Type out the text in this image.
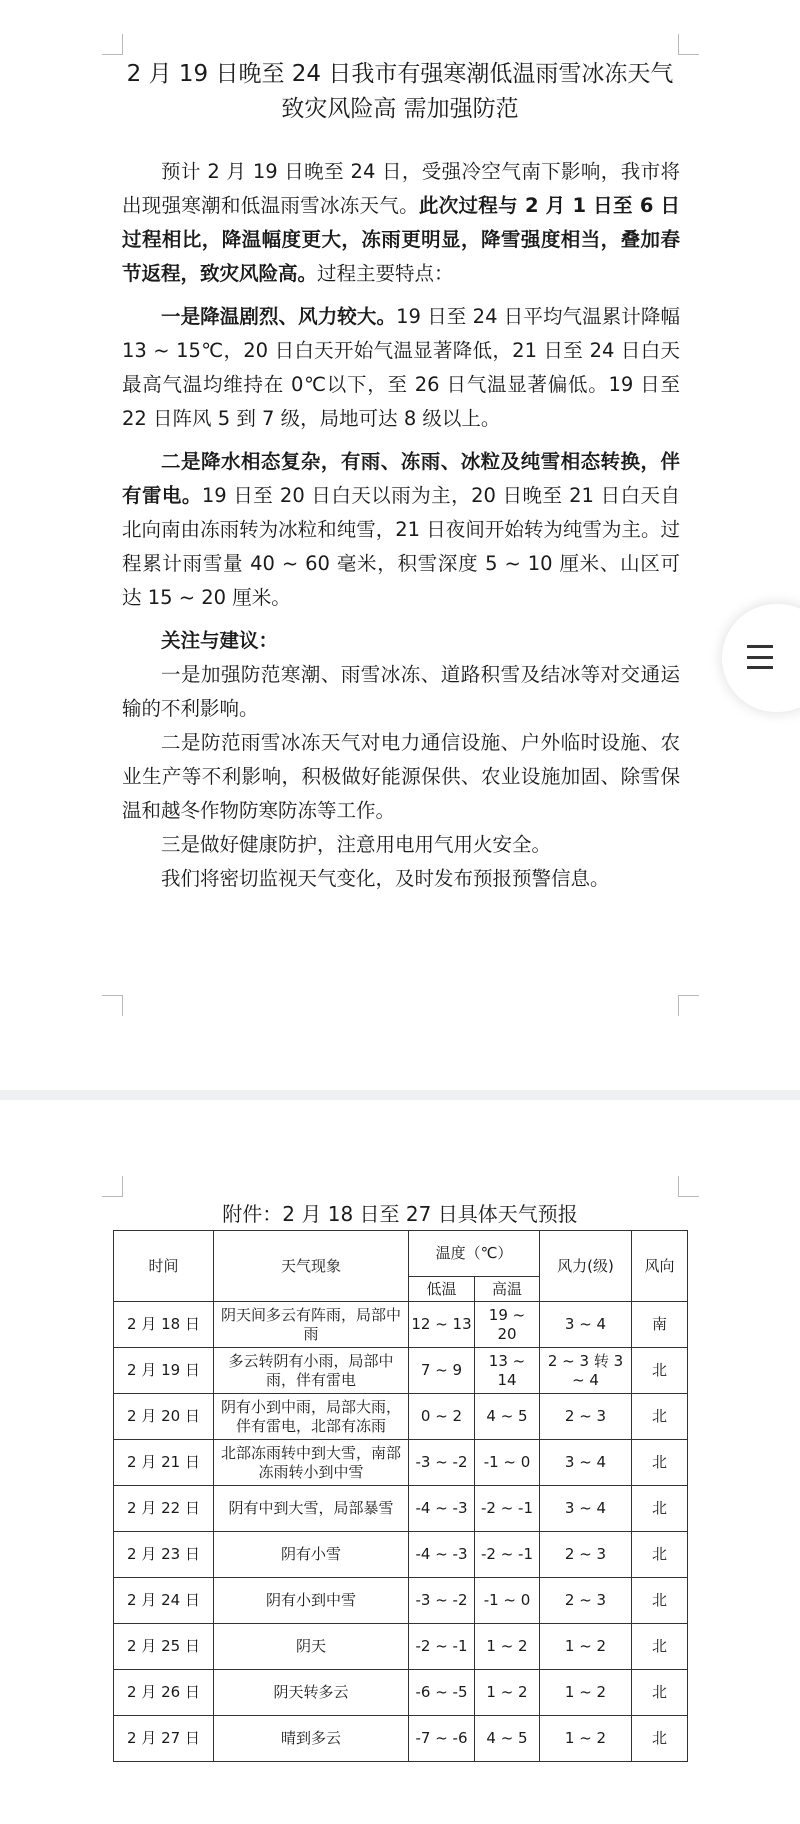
2 月 19 日晚至 24 日我市有强寒潮低温雨雪冰冻天气
致灾风险高 需加强防范

预计 2 月 19 日晚至 24 日，受强冷空气南下影响，我市将出现强寒潮和低温雨雪冰冻天气。此次过程与 2 月 1 日至 6 日过程相比，降温幅度更大，冻雨更明显，降雪强度相当，叠加春节返程，致灾风险高。过程主要特点：

一是降温剧烈、风力较大。19 日至 24 日平均气温累计降幅 13 ~ 15℃，20 日白天开始气温显著降低，21 日至 24 日白天最高气温均维持在 0℃以下，至 26 日气温显著偏低。19 日至 22 日阵风 5 到 7 级，局地可达 8 级以上。

二是降水相态复杂，有雨、冻雨、冰粒及纯雪相态转换，伴有雷电。19 日至 20 日白天以雨为主，20 日晚至 21 日白天自北向南由冻雨转为冰粒和纯雪，21 日夜间开始转为纯雪为主。过程累计雨雪量 40 ~ 60 毫米，积雪深度 5 ~ 10 厘米、山区可达 15 ~ 20 厘米。

关注与建议：

一是加强防范寒潮、雨雪冰冻、道路积雪及结冰等对交通运输的不利影响。

二是防范雨雪冰冻天气对电力通信设施、户外临时设施、农业生产等不利影响，积极做好能源保供、农业设施加固、除雪保温和越冬作物防寒防冻等工作。

三是做好健康防护，注意用电用气用火安全。

我们将密切监视天气变化，及时发布预报预警信息。

附件：2 月 18 日至 27 日具体天气预报
时间	天气现象	温度（℃）		风力(级)	风向
		低温	高温		
2 月 18 日	阴天间多云有阵雨，局部中雨	12 ~ 13	19 ~ 20	3 ~ 4	南
2 月 19 日	多云转阴有小雨，局部中雨，伴有雷电	7 ~ 9	13 ~ 14	2 ~ 3 转 3 ~ 4	北
2 月 20 日	阴有小到中雨，局部大雨，伴有雷电，北部有冻雨	0 ~ 2	4 ~ 5	2 ~ 3	北
2 月 21 日	北部冻雨转中到大雪，南部冻雨转小到中雪	-3 ~ -2	-1 ~ 0	3 ~ 4	北
2 月 22 日	阴有中到大雪，局部暴雪	-4 ~ -3	-2 ~ -1	3 ~ 4	北
2 月 23 日	阴有小雪	-4 ~ -3	-2 ~ -1	2 ~ 3	北
2 月 24 日	阴有小到中雪	-3 ~ -2	-1 ~ 0	2 ~ 3	北
2 月 25 日	阴天	-2 ~ -1	1 ~ 2	1 ~ 2	北
2 月 26 日	阴天转多云	-6 ~ -5	1 ~ 2	1 ~ 2	北
2 月 27 日	晴到多云	-7 ~ -6	4 ~ 5	1 ~ 2	北
